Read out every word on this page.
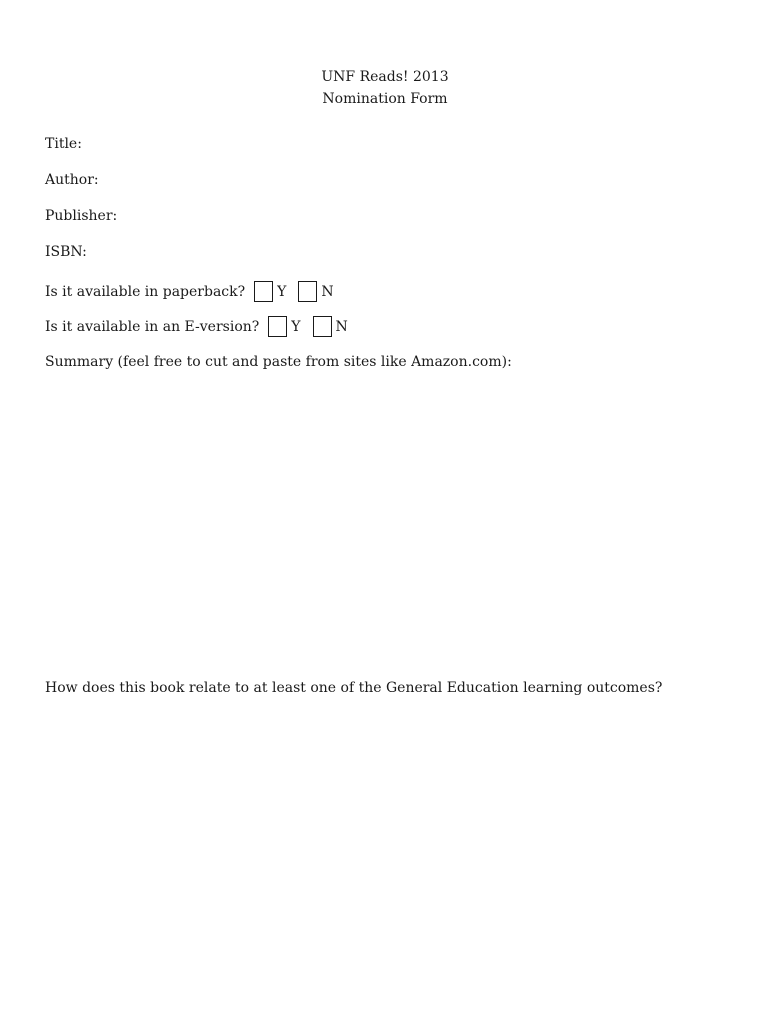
UNF Reads! 2013
Nomination Form
Title:
Author:
Publisher:
ISBN:
Is it available in paperback? Y	N
Is it available in an E-version? Y	N
Summary (feel free to cut and paste from sites like Amazon.com):
How does this book relate to at least one of the General Education learning outcomes?
